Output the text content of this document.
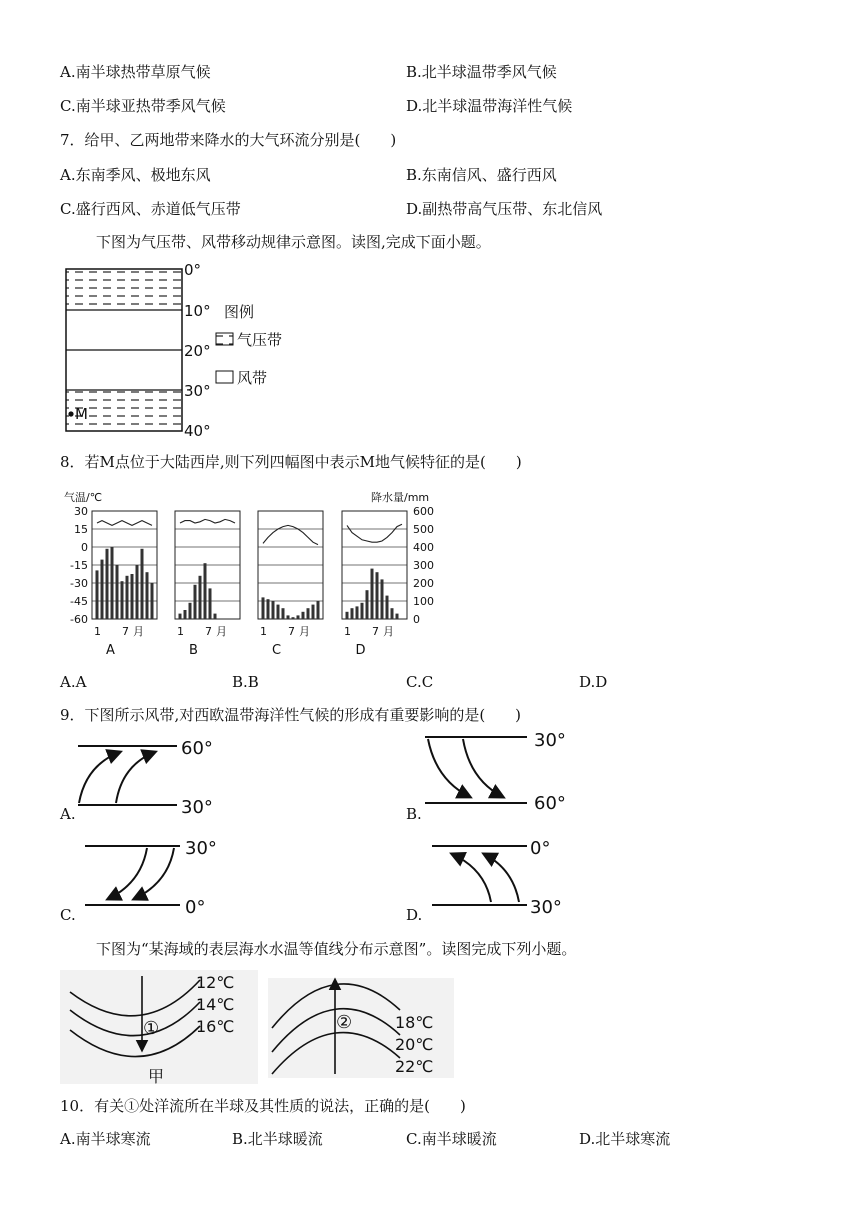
A.南半球热带草原气候	B.北半球温带季风气候
C.南半球亚热带季风气候	D.北半球温带海洋性气候
7．给甲、乙两地带来降水的大气环流分别是(　　)
A.东南季风、极地东风	B.东南信风、盛行西风
C.盛行西风、赤道低气压带	D.副热带高气压带、东北信风
下图为气压带、风带移动规律示意图。读图,完成下面小题。
0°
10°
20°
30°
40°
M
图例
气压带
风带
8．若M点位于大陆西岸,则下列四幅图中表示M地气候特征的是(　　)
气温/℃	降水量/mm
30
15
0
-15
-30
-45
-60
600
500
400
300
200
100
0
1 7 月
A
1 7 月
B
1 7 月
C
1 7 月
D
A.A	B.B	C.C	D.D
9．下图所示风带,对西欧温带海洋性气候的形成有重要影响的是(　　)
60°
30°
30°
60°
30°
0°
0°
30°
A.	B.
C.	D.
下图为“某海域的表层海水水温等值线分布示意图”。读图完成下列小题。
12℃
14℃
16℃
①
甲
18℃
20℃
22℃
②
10．有关①处洋流所在半球及其性质的说法，正确的是(　　)
A.南半球寒流	B.北半球暖流	C.南半球暖流	D.北半球寒流
